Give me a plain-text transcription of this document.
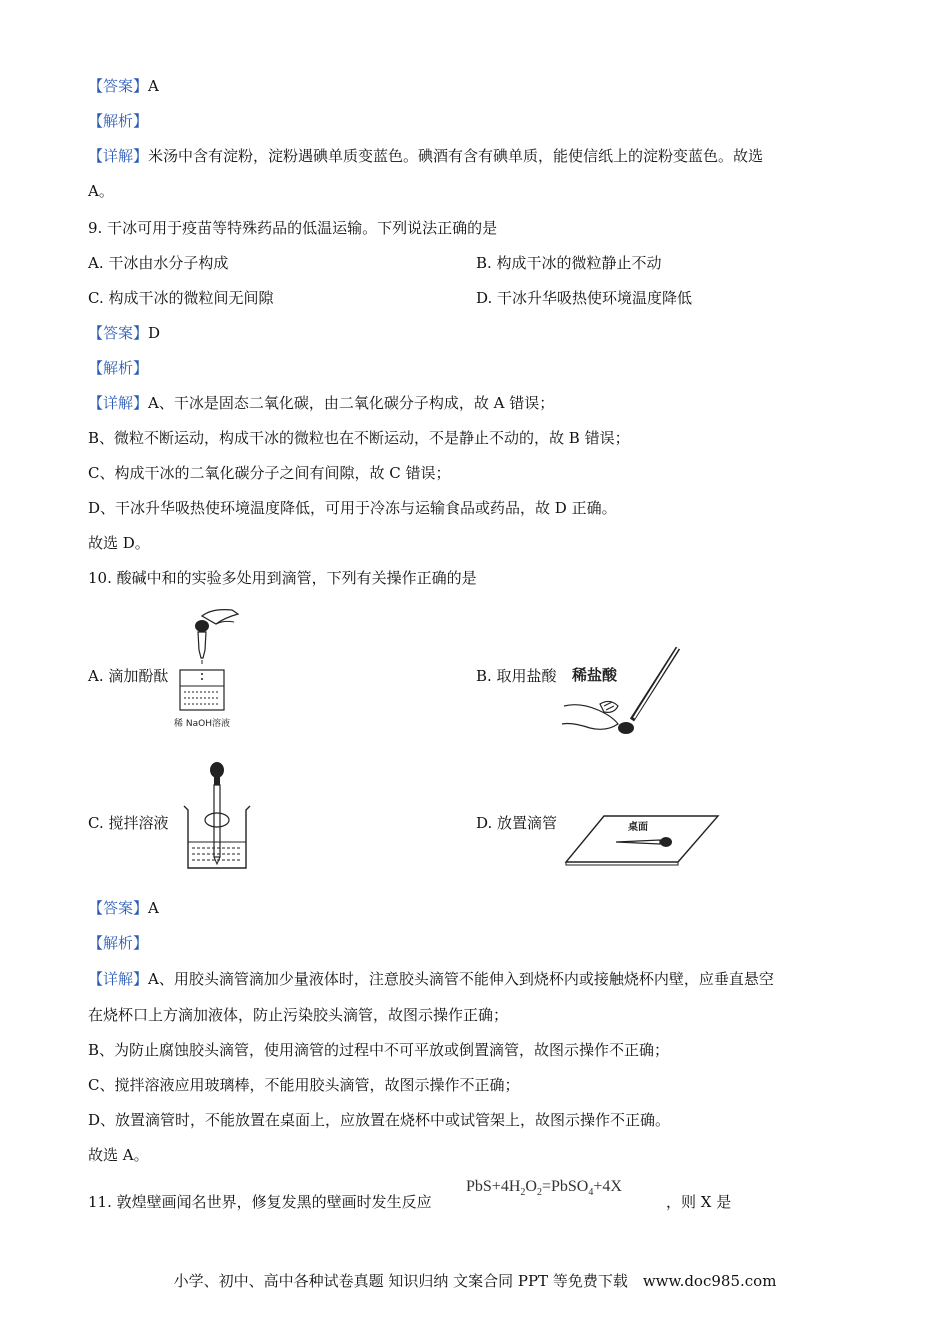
【答案】A
【解析】
【详解】米汤中含有淀粉，淀粉遇碘单质变蓝色。碘酒有含有碘单质，能使信纸上的淀粉变蓝色。故选
A。
9. 干冰可用于疫苗等特殊药品的低温运输。下列说法正确的是
A. 干冰由水分子构成	B. 构成干冰的微粒静止不动
C. 构成干冰的微粒间无间隙	D. 干冰升华吸热使环境温度降低
【答案】D
【解析】
【详解】A、干冰是固态二氧化碳，由二氧化碳分子构成，故 A 错误；
B、微粒不断运动，构成干冰的微粒也在不断运动，不是静止不动的，故 B 错误；
C、构成干冰的二氧化碳分子之间有间隙，故 C 错误；
D、干冰升华吸热使环境温度降低，可用于冷冻与运输食品或药品，故 D 正确。
故选 D。
10. 酸碱中和的实验多处用到滴管，下列有关操作正确的是
A. 滴加酚酞
稀 NaOH溶液
B. 取用盐酸 稀盐酸
C. 搅拌溶液	D. 放置滴管	桌面
【答案】A
【解析】
【详解】A、用胶头滴管滴加少量液体时，注意胶头滴管不能伸入到烧杯内或接触烧杯内壁，应垂直悬空
在烧杯口上方滴加液体，防止污染胶头滴管，故图示操作正确；
B、为防止腐蚀胶头滴管，使用滴管的过程中不可平放或倒置滴管，故图示操作不正确；
C、搅拌溶液应用玻璃棒，不能用胶头滴管，故图示操作不正确；
D、放置滴管时，不能放置在桌面上，应放置在烧杯中或试管架上，故图示操作不正确。
故选 A。
11. 敦煌壁画闻名世界，修复发黑的壁画时发生反应
$PbS+4H_2O_2=PbSO_4+4X$
，则 X 是
小学、初中、高中各种试卷真题 知识归纳 文案合同 PPT 等免费下载　www.doc985.com
